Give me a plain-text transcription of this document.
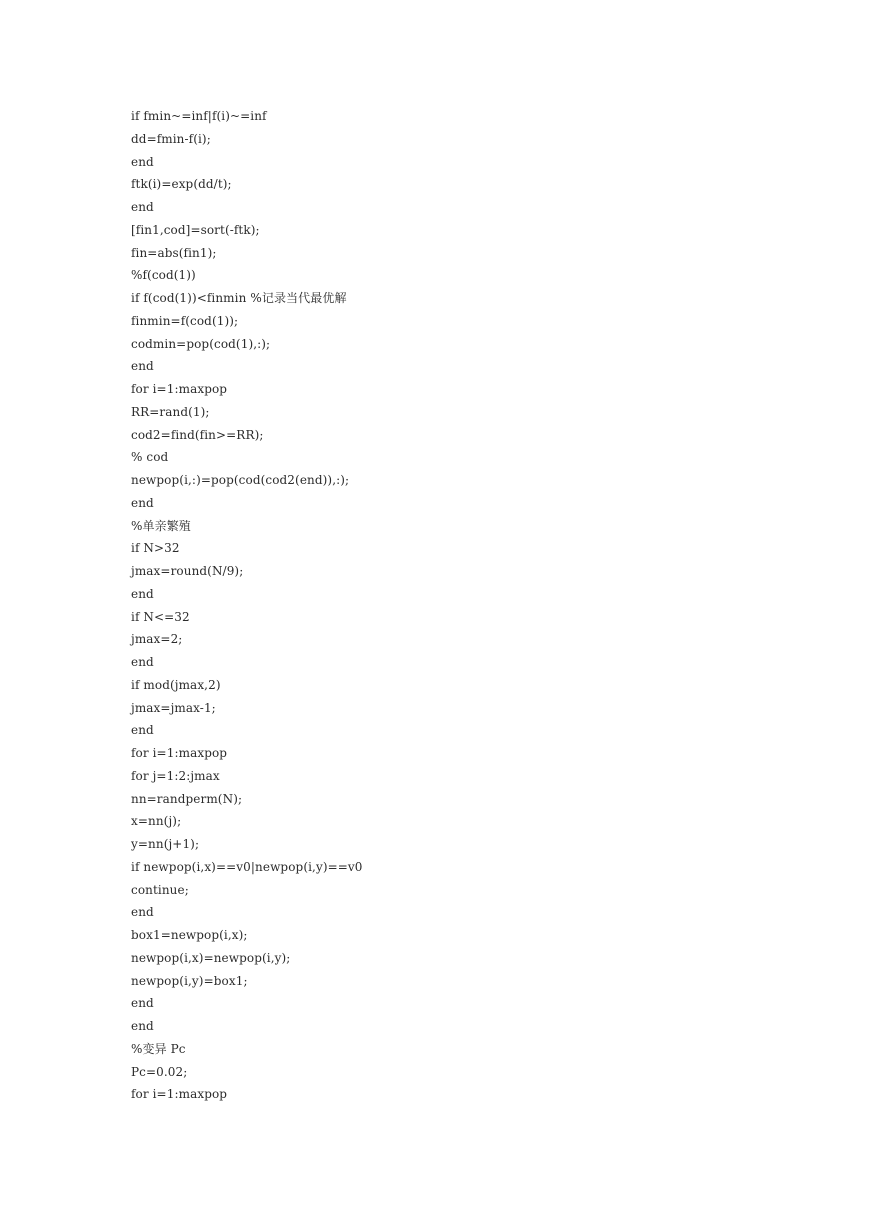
if fmin~=inf|f(i)~=inf
dd=fmin-f(i);
end
ftk(i)=exp(dd/t);
end
[fin1,cod]=sort(-ftk);
fin=abs(fin1);
%f(cod(1))
if f(cod(1))<finmin %记录当代最优解
finmin=f(cod(1));
codmin=pop(cod(1),:);
end
for i=1:maxpop
RR=rand(1);
cod2=find(fin>=RR);
% cod
newpop(i,:)=pop(cod(cod2(end)),:);
end
%单亲繁殖
if N>32
jmax=round(N/9);
end
if N<=32
jmax=2;
end
if mod(jmax,2)
jmax=jmax-1;
end
for i=1:maxpop
for j=1:2:jmax
nn=randperm(N);
x=nn(j);
y=nn(j+1);
if newpop(i,x)==v0|newpop(i,y)==v0
continue;
end
box1=newpop(i,x);
newpop(i,x)=newpop(i,y);
newpop(i,y)=box1;
end
end
%变异 Pc
Pc=0.02;
for i=1:maxpop
